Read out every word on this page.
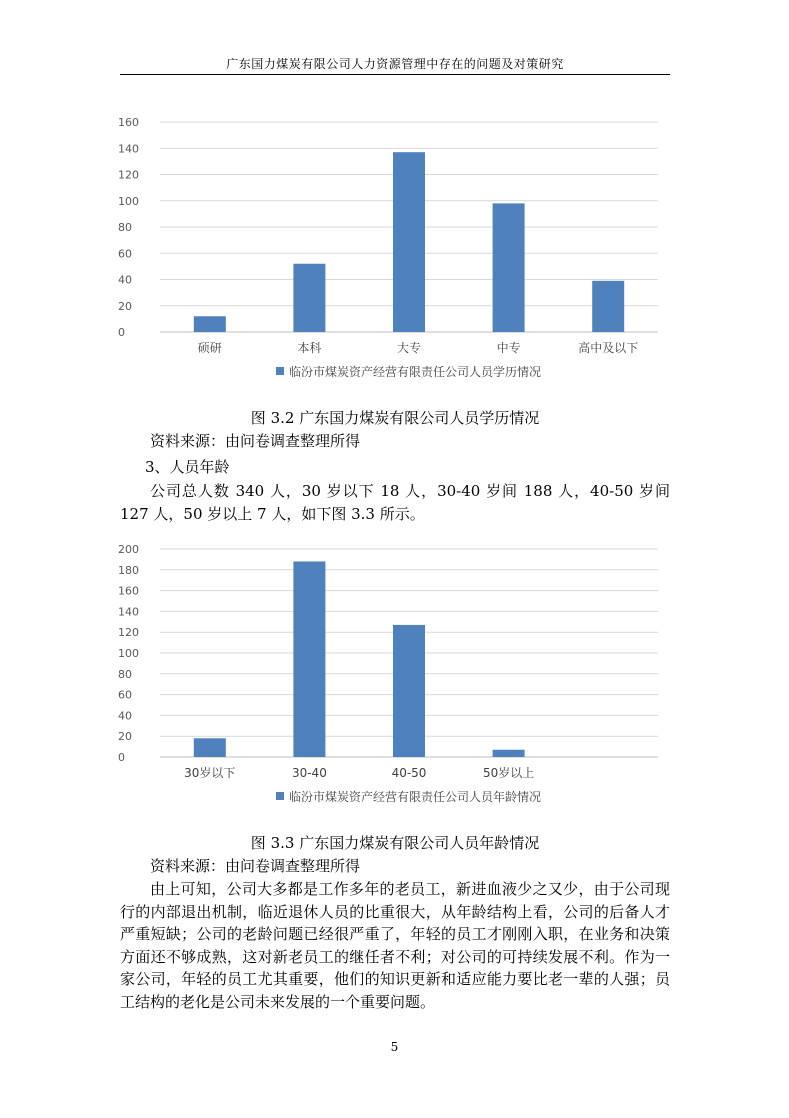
广东国力煤炭有限公司人力资源管理中存在的问题及对策研究
0
20
40
60
80
100
120
140
160
硕研	本科	大专	中专	高中及以下
临汾市煤炭资产经营有限责任公司人员学历情况
图 3.2 广东国力煤炭有限公司人员学历情况
资料来源：由问卷调查整理所得
3、人员年龄

公司总人数 340 人，30 岁以下 18 人，30-40 岁间 188 人，40-50 岁间 127 人，50 岁以上 7 人，如下图 3.3 所示。

0
20
40
60
80
100
120
140
160
180
200
30岁以下	30-40	40-50	50岁以上
临汾市煤炭资产经营有限责任公司人员年龄情况
图 3.3 广东国力煤炭有限公司人员年龄情况
资料来源：由问卷调查整理所得

由上可知，公司大多都是工作多年的老员工，新进血液少之又少，由于公司现行的内部退出机制，临近退休人员的比重很大，从年龄结构上看，公司的后备人才严重短缺；公司的老龄问题已经很严重了，年轻的员工才刚刚入职，在业务和决策方面还不够成熟，这对新老员工的继任者不利；对公司的可持续发展不利。作为一家公司，年轻的员工尤其重要，他们的知识更新和适应能力要比老一辈的人强；员工结构的老化是公司未来发展的一个重要问题。

5
